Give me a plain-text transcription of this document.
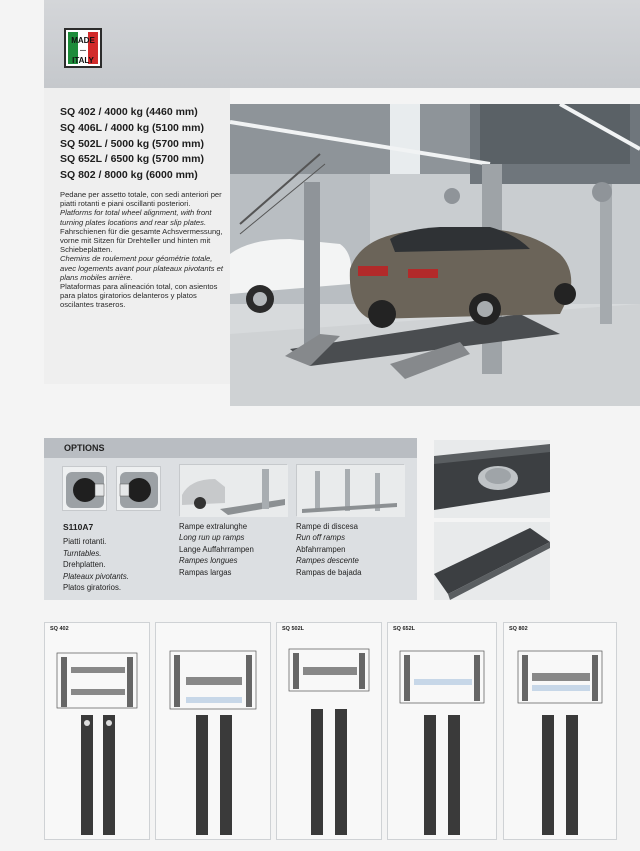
MADE
—
ITALY
SQ 402 / 4000 kg (4460 mm)
SQ 406L / 4000 kg (5100 mm)
SQ 502L / 5000 kg (5700 mm)
SQ 652L / 6500 kg (5700 mm)
SQ 802 / 8000 kg (6000 mm)

Pedane per assetto totale, con sedi anteriori per piatti rotanti e piani oscillanti posteriori.

Platforms for total wheel alignment, with front turning plates locations and rear slip plates.

Fahrschienen für die gesamte Achsvermessung, vorne mit Sitzen für Drehteller und hinten mit Schiebeplatten.

Chemins de roulement pour géométrie totale, avec logements avant pour plateaux pivotants et plans mobiles arrière.

Plataformas para alineación total, con asientos para platos giratorios delanteros y platos oscilantes traseros.

OPTIONS
S110A7
Piatti rotanti.
Turntables.
Drehplatten.
Plateaux pivotants.
Platos giratorios.
Rampe extralunghe
Long run up ramps
Lange Auffahrrampen
Rampes longues
Rampas largas
Rampe di discesa
Run off ramps
Abfahrrampen
Rampes descente
Rampas de bajada
SQ 402	SQ 502L	SQ 652L	SQ 802
